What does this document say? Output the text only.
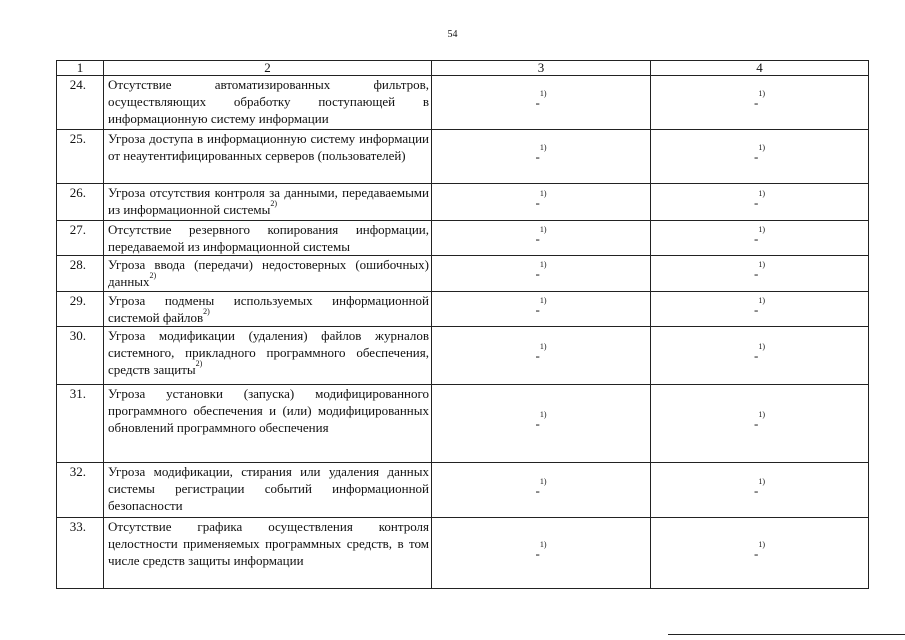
54
1	2	3	4
24.	Отсутствие автоматизированных фильтров, осуществляющих обработку поступающей в информационную систему информации	-$^{1)}$	-$^{1)}$
25.	Угроза доступа в информационную систему информации от неаутентифицированных серверов (пользователей)	-$^{1)}$	-$^{1)}$
26.	Угроза отсутствия контроля за данными, передаваемыми из информационной системы$^{2)}$	-$^{1)}$	-$^{1)}$
27.	Отсутствие резервного копирования информации, передаваемой из информационной системы	-$^{1)}$	-$^{1)}$
28.	Угроза ввода (передачи) недостоверных (ошибочных) данных$^{2)}$	-$^{1)}$	-$^{1)}$
29.	Угроза подмены используемых информационной системой файлов$^{2)}$	-$^{1)}$	-$^{1)}$
30.	Угроза модификации (удаления) файлов журналов системного, прикладного программного обеспечения, средств защиты$^{2)}$	-$^{1)}$	-$^{1)}$
31.	Угроза установки (запуска) модифицированного программного обеспечения и (или) модифицированных обновлений программного обеспечения	-$^{1)}$	-$^{1)}$
32.	Угроза модификации, стирания или удаления данных системы регистрации событий информационной безопасности	-$^{1)}$	-$^{1)}$
33.	Отсутствие графика осуществления контроля целостности применяемых программных средств, в том числе средств защиты информации	-$^{1)}$	-$^{1)}$
